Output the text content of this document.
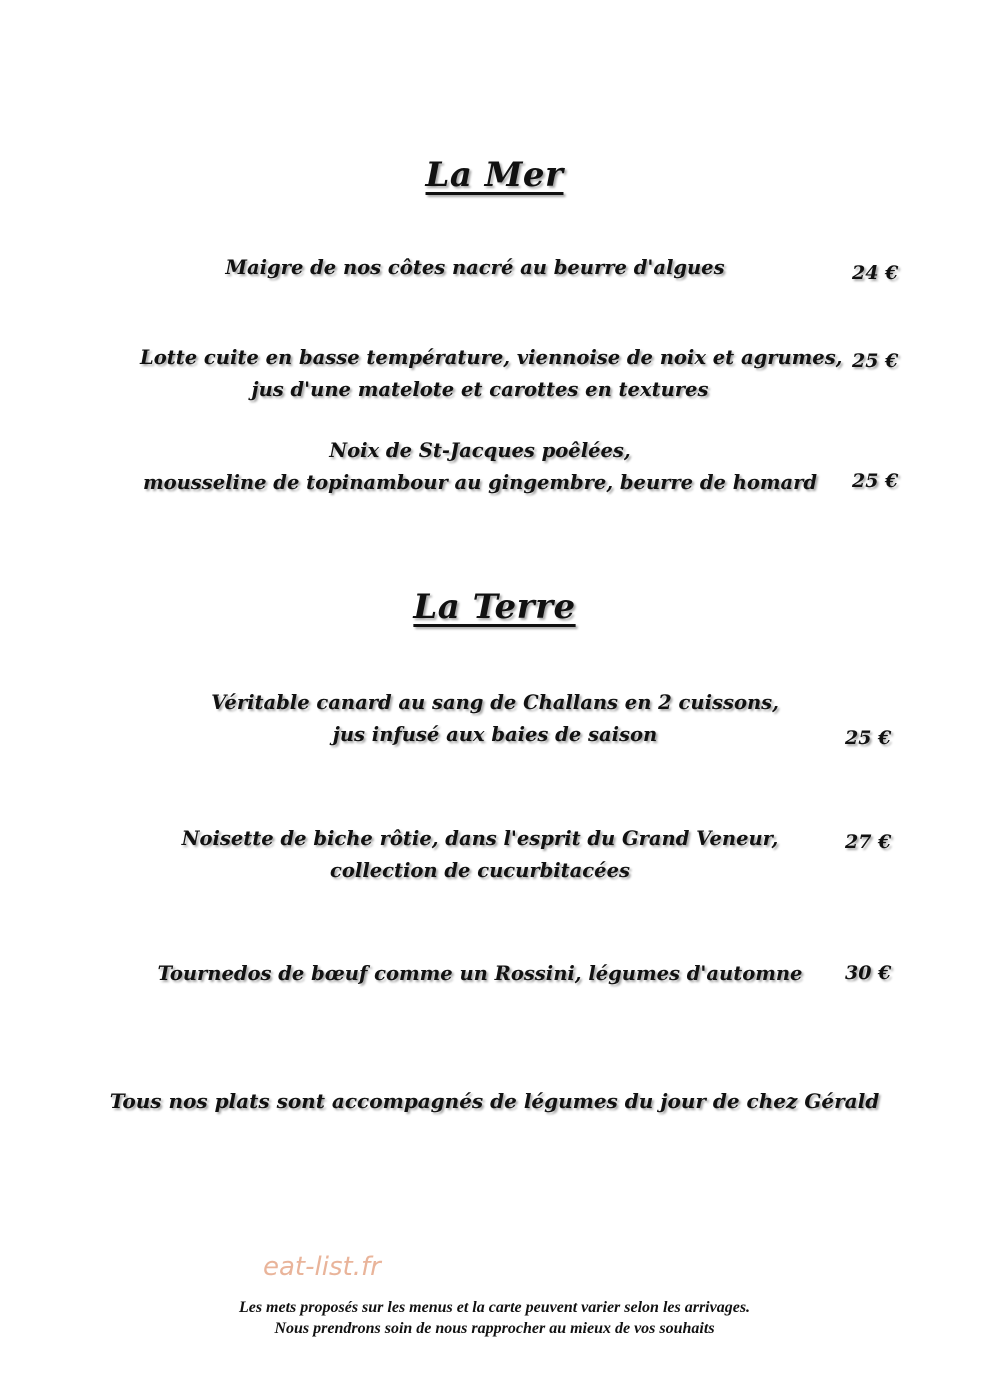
La Mer
Maigre de nos côtes nacré au beurre d'algues	24 €
Lotte cuite en basse température, viennoise de noix et agrumes,
jus d'une matelote et carottes en textures
25 €
Noix de St-Jacques poêlées,
mousseline de topinambour au gingembre, beurre de homard 25 €
La Terre
Véritable canard au sang de Challans en 2 cuissons,
jus infusé aux baies de saison	25 €
Noisette de biche rôtie, dans l'esprit du Grand Veneur,
collection de cucurbitacées
27 €
Tournedos de bœuf comme un Rossini, légumes d'automne	30 €
Tous nos plats sont accompagnés de légumes du jour de chez Gérald
eat-list.fr
Les mets proposés sur les menus et la carte peuvent varier selon les arrivages.
Nous prendrons soin de nous rapprocher au mieux de vos souhaits
